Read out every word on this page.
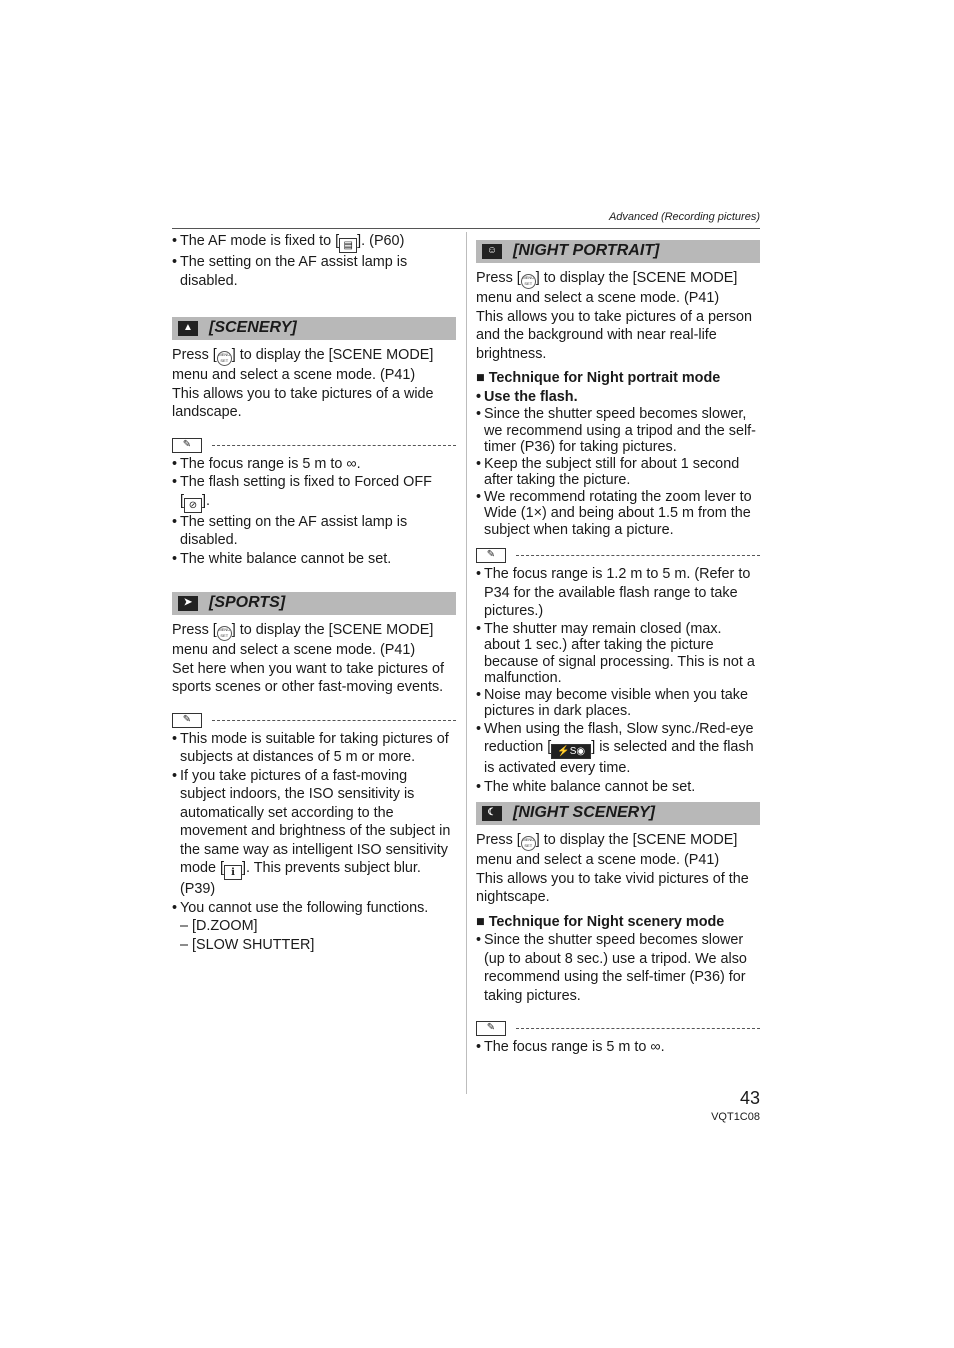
Advanced (Recording pictures)

• The AF mode is fixed to [ ▤ ]. (P60)

• The setting on the AF assist lamp is disabled.

▲	[SCENERY]

Press [ MENU
SET ] to display the [SCENE MODE] menu and select a scene mode. (P41)

This allows you to take pictures of a wide landscape.

✎

• The focus range is 5 m to ∞.

• The flash setting is fixed to Forced OFF
[ ⊘ ].

• The setting on the AF assist lamp is disabled.

• The white balance cannot be set.

➤	[SPORTS]

Press [ MENU
SET ] to display the [SCENE MODE] menu and select a scene mode. (P41)

Set here when you want to take pictures of sports scenes or other fast-moving events.

✎

• This mode is suitable for taking pictures of subjects at distances of 5 m or more.

• If you take pictures of a fast-moving subject indoors, the ISO sensitivity is automatically set according to the movement and brightness of the subject in the same way as intelligent ISO sensitivity mode [ ℹ ]. This prevents subject blur. (P39)

• You cannot use the following functions.

– [D.ZOOM]

– [SLOW SHUTTER]

☺ [NIGHT PORTRAIT]

Press [ MENU
SET ] to display the [SCENE MODE] menu and select a scene mode. (P41)

This allows you to take pictures of a person and the background with near real-life brightness.

■ Technique for Night portrait mode

• Use the flash.

• Since the shutter speed becomes slower, we recommend using a tripod and the self-timer (P36) for taking pictures.

• Keep the subject still for about 1 second after taking the picture.

• We recommend rotating the zoom lever to Wide (1×) and being about 1.5 m from the subject when taking a picture.

✎

• The focus range is 1.2 m to 5 m. (Refer to P34 for the available flash range to take pictures.)

• The shutter may remain closed (max. about 1 sec.) after taking the picture because of signal processing. This is not a malfunction.

• Noise may become visible when you take pictures in dark places.

• When using the flash, Slow sync./Red-eye reduction [ ⚡S◉ ] is selected and the flash is activated every time.

• The white balance cannot be set.

☾	[NIGHT SCENERY]

Press [ MENU
SET ] to display the [SCENE MODE] menu and select a scene mode. (P41)

This allows you to take vivid pictures of the nightscape.

■ Technique for Night scenery mode

• Since the shutter speed becomes slower (up to about 8 sec.) use a tripod. We also recommend using the self-timer (P36) for taking pictures.

✎

• The focus range is 5 m to ∞.

43
VQT1C08
